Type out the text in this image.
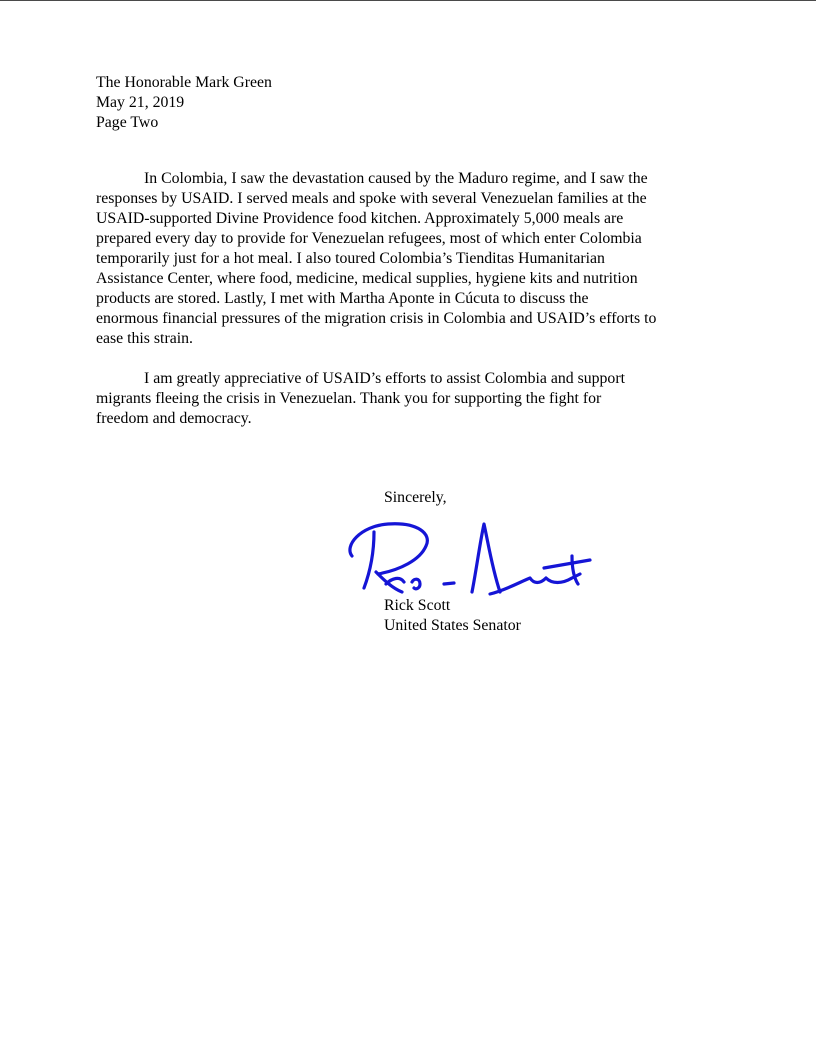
The Honorable Mark Green
May 21, 2019
Page Two
In Colombia, I saw the devastation caused by the Maduro regime, and I saw the
responses by USAID. I served meals and spoke with several Venezuelan families at the
USAID-supported Divine Providence food kitchen. Approximately 5,000 meals are
prepared every day to provide for Venezuelan refugees, most of which enter Colombia
temporarily just for a hot meal. I also toured Colombia’s Tienditas Humanitarian
Assistance Center, where food, medicine, medical supplies, hygiene kits and nutrition
products are stored. Lastly, I met with Martha Aponte in Cúcuta to discuss the
enormous financial pressures of the migration crisis in Colombia and USAID’s efforts to
ease this strain.
I am greatly appreciative of USAID’s efforts to assist Colombia and support
migrants fleeing the crisis in Venezuelan. Thank you for supporting the fight for
freedom and democracy.
Sincerely,
Rick Scott
United States Senator
